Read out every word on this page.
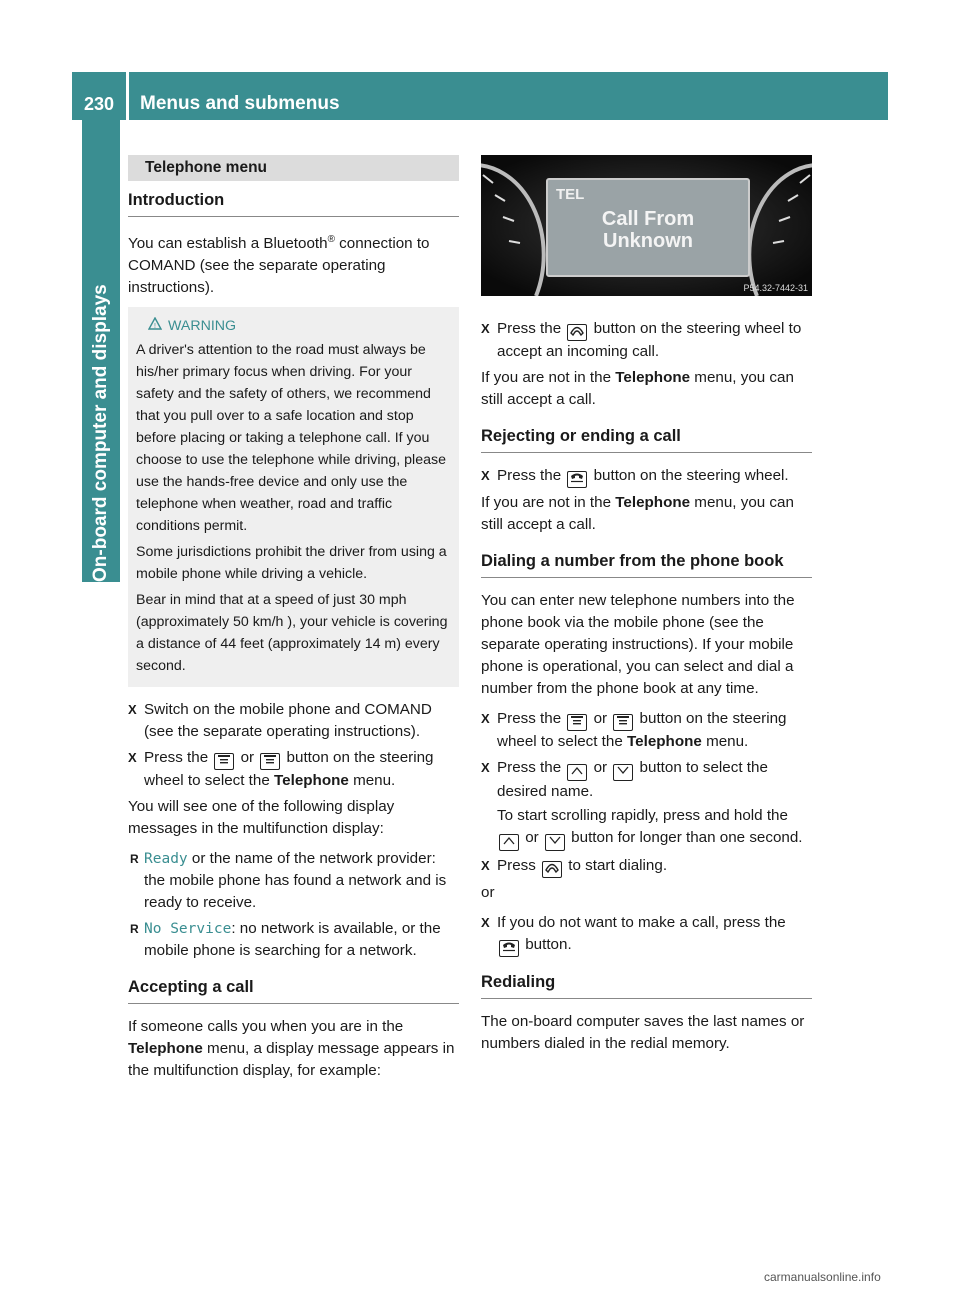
230	Menus and submenus
On-board computer and displays
Telephone menu
Introduction

You can establish a Bluetooth® connection to COMAND (see the separate operating instructions).

! WARNING

A driver's attention to the road must always be his/her primary focus when driving. For your safety and the safety of others, we recommend that you pull over to a safe location and stop before placing or taking a telephone call. If you choose to use the telephone while driving, please use the hands-free device and only use the telephone when weather, road and traffic conditions permit.

Some jurisdictions prohibit the driver from using a mobile phone while driving a vehicle.

Bear in mind that at a speed of just 30 mph (approximately 50 km/h ), your vehicle is covering a distance of 44 feet (approximately 14 m) every second.

X Switch on the mobile phone and COMAND (see the separate operating instructions).
X Press the  or  button on the steering wheel to select the Telephone menu.

You will see one of the following display messages in the multifunction display:

R Ready or the name of the network provider: the mobile phone has found a network and is ready to receive.
R No Service: no network is available, or the mobile phone is searching for a network.
Accepting a call

If someone calls you when you are in the Telephone menu, a display message appears in the multifunction display, for example:

TEL
Call From
Unknown
P54.32-7442-31
X Press the  button on the steering wheel to accept an incoming call.

If you are not in the Telephone menu, you can still accept a call.

Rejecting or ending a call
X Press the  button on the steering wheel.

If you are not in the Telephone menu, you can still accept a call.

Dialing a number from the phone book

You can enter new telephone numbers into the phone book via the mobile phone (see the separate operating instructions). If your mobile phone is operational, you can select and dial a number from the phone book at any time.

X Press the  or  button on the steering wheel to select the Telephone menu.
X Press the  or  button to select the desired name.
To start scrolling rapidly, press and hold the  or  button for longer than one second.
X Press  to start dialing.

or

X If you do not want to make a call, press the  button.
Redialing

The on-board computer saves the last names or numbers dialed in the redial memory.

carmanualsonline.info
